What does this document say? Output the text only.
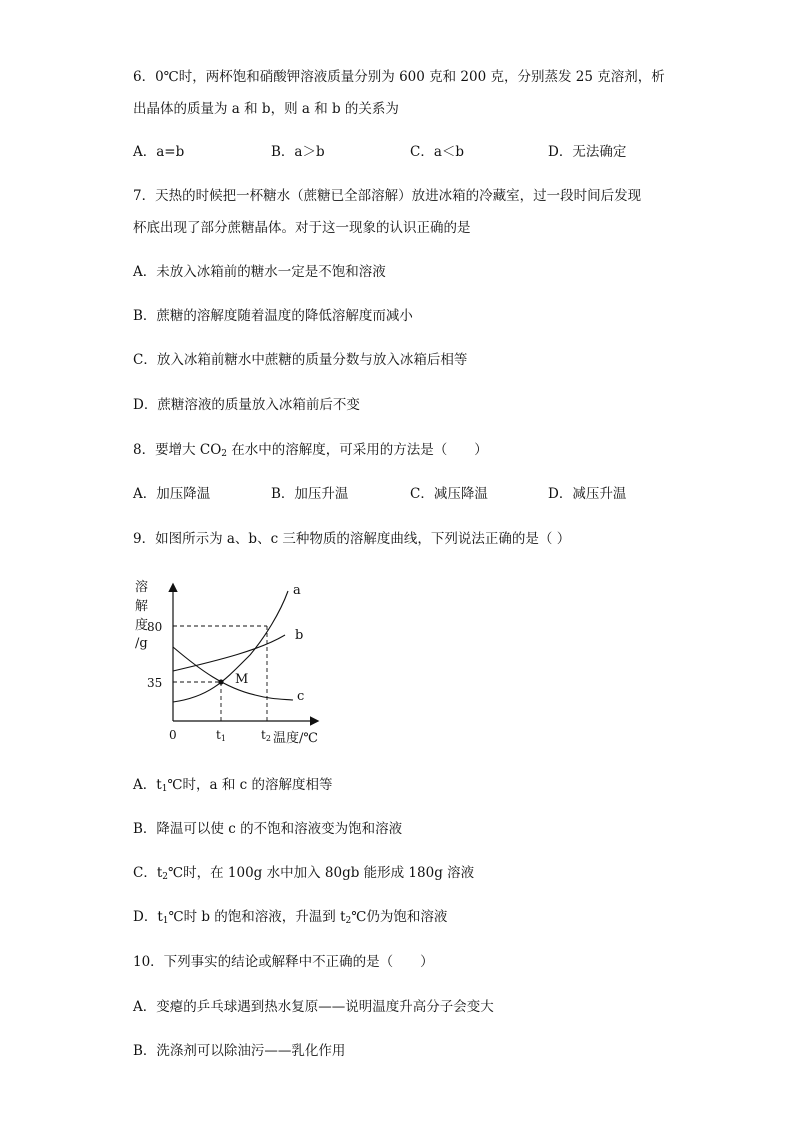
6．0℃时，两杯饱和硝酸钾溶液质量分别为 600 克和 200 克，分别蒸发 25 克溶剂，析
出晶体的质量为 a 和 b，则 a 和 b 的关系为
A．a=b	B．a＞b	C．a＜b	D．无法确定
7．天热的时候把一杯糖水（蔗糖已全部溶解）放进冰箱的冷藏室，过一段时间后发现
杯底出现了部分蔗糖晶体。对于这一现象的认识正确的是
A．未放入冰箱前的糖水一定是不饱和溶液
B．蔗糖的溶解度随着温度的降低溶解度而减小
C．放入冰箱前糖水中蔗糖的质量分数与放入冰箱后相等
D．蔗糖溶液的质量放入冰箱前后不变
8．要增大 $CO_2$ 在水中的溶解度，可采用的方法是（　　）
A．加压降温	B．加压升温	C．减压降温	D．减压升温
9．如图所示为 a、b、c 三种物质的溶解度曲线，下列说法正确的是（ ）
溶
解
度
/g
80
35
0	t1	t2 温度/℃
a
b
c
M
A．$t_1℃$时，a 和 c 的溶解度相等
B．降温可以使 c 的不饱和溶液变为饱和溶液
C．$t_2℃$时，在 100g 水中加入 80gb 能形成 180g 溶液
D．$t_1℃$时 b 的饱和溶液，升温到 $t_2℃$仍为饱和溶液
10．下列事实的结论或解释中不正确的是（　　）
A．变瘪的乒乓球遇到热水复原——说明温度升高分子会变大
B．洗涤剂可以除油污——乳化作用
